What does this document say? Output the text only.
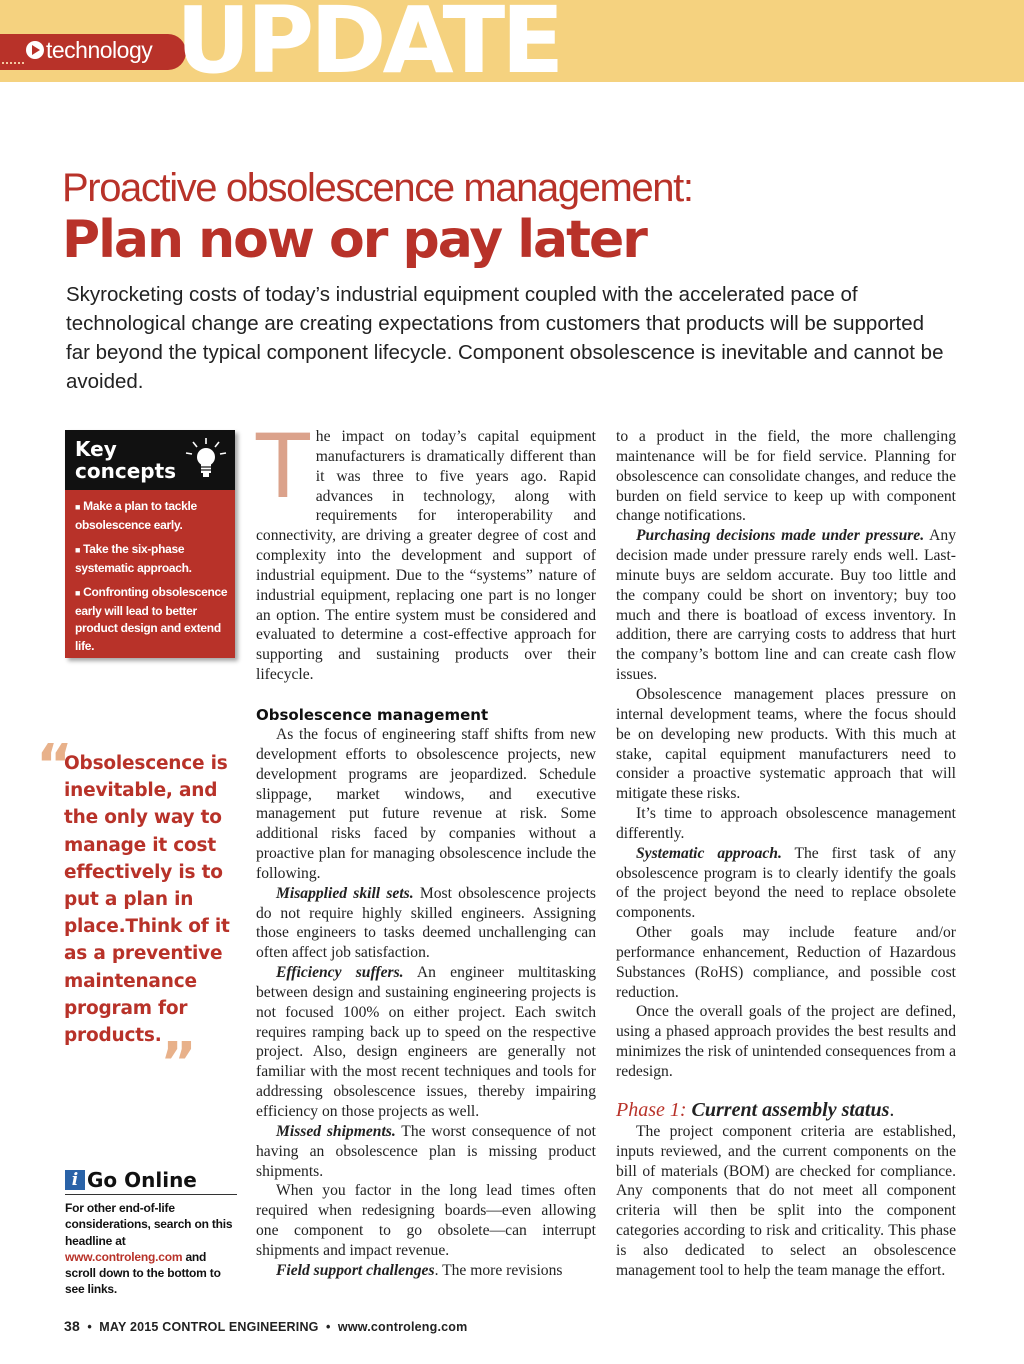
technology UPDATE
Proactive obsolescence management:
Plan now or pay later
Skyrocketing costs of today’s industrial equipment coupled with the accelerated pace of technological change are creating expectations from customers that products will be supported far beyond the typical component lifecycle. Component obsolescence is inevitable and cannot be avoided.
Key concepts
■ Make a plan to tackle obsolescence early.
■ Take the six-phase systematic approach.
■ Confronting obsolescence early will lead to better product design and extend life.
“
Obsolescence is inevitable, and the only way to manage it cost effectively is to put a plan in place.Think of it as a preventive maintenance program for products.
”
i Go Online
For other end-of-life considerations, search on this headline at www.controleng.com and scroll down to the bottom to see links.

The impact on today’s capital equipment manufacturers is dramatically different than it was three to five years ago. Rapid advances in technology, along with requirements for interoperability and connectivity, are driving a greater degree of cost and complexity into the development and support of industrial equipment. Due to the “systems” nature of industrial equipment, replacing one part is no longer an option. The entire system must be considered and evaluated to determine a cost-effective approach for supporting and sustaining products over their lifecycle.

Obsolescence management

As the focus of engineering staff shifts from new development efforts to obsolescence projects, new development programs are jeopardized. Schedule slippage, market windows, and executive management put future revenue at risk. Some additional risks faced by companies without a proactive plan for managing obsolescence include the following.

Misapplied skill sets. Most obsolescence projects do not require highly skilled engineers. Assigning those engineers to tasks deemed unchallenging can often affect job satisfaction.

Efficiency suffers. An engineer multitasking between design and sustaining engineering projects is not focused 100% on either project. Each switch requires ramping back up to speed on the respective project. Also, design engineers are generally not familiar with the most recent techniques and tools for addressing obsolescence issues, thereby impairing efficiency on those projects as well.

Missed shipments. The worst consequence of not having an obsolescence plan is missing product shipments.

When you factor in the long lead times often required when redesigning boards—even allowing one component to go obsolete—can interrupt shipments and impact revenue.

Field support challenges. The more revisions

to a product in the field, the more challenging maintenance will be for field service. Planning for obsolescence can consolidate changes, and reduce the burden on field service to keep up with component change notifications.

Purchasing decisions made under pressure. Any decision made under pressure rarely ends well. Last-minute buys are seldom accurate. Buy too little and the company could be short on inventory; buy too much and there is boatload of excess inventory. In addition, there are carrying costs to address that hurt the company’s bottom line and can create cash flow issues.

Obsolescence management places pressure on internal development teams, where the focus should be on developing new products. With this much at stake, capital equipment manufacturers need to consider a proactive systematic approach that will mitigate these risks.

It’s time to approach obsolescence management differently.

Systematic approach. The first task of any obsolescence program is to clearly identify the goals of the project beyond the need to replace obsolete components.

Other goals may include feature and/or performance enhancement, Reduction of Hazardous Substances (RoHS) compliance, and possible cost reduction.

Once the overall goals of the project are defined, using a phased approach provides the best results and minimizes the risk of unintended consequences from a redesign.

Phase 1: Current assembly status.

The project component criteria are established, inputs reviewed, and the current components on the bill of materials (BOM) are checked for compliance. Any components that do not meet all component criteria will then be split into the component categories according to risk and criticality. This phase is also dedicated to select an obsolescence management tool to help the team manage the effort.

38 • MAY 2015 CONTROL ENGINEERING • www.controleng.com
